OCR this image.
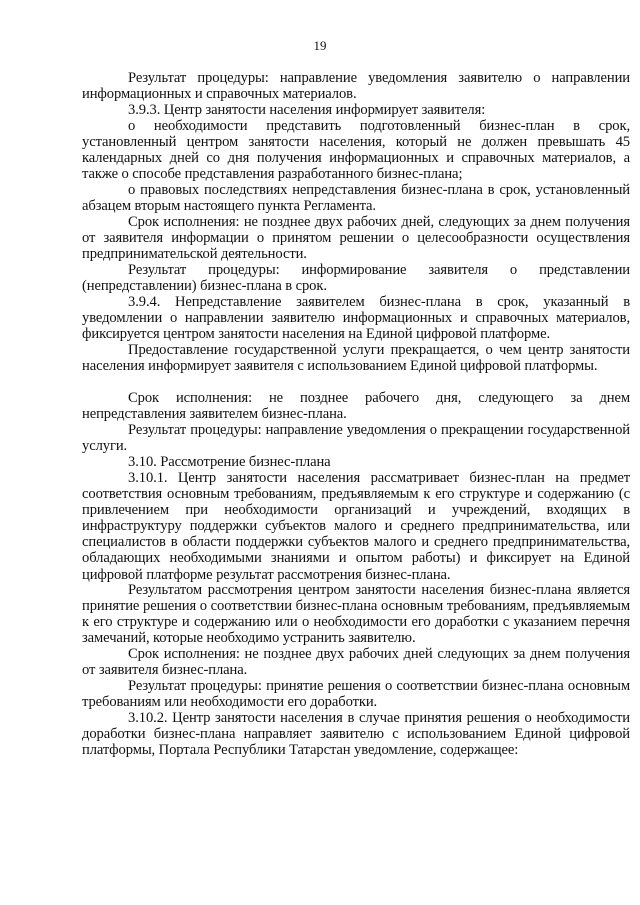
19

Результат процедуры: направление уведомления заявителю о направлении информационных и справочных материалов.

3.9.3. Центр занятости населения информирует заявителя:

о необходимости представить подготовленный бизнес-план в срок, установленный центром занятости населения, который не должен превышать 45 календарных дней со дня получения информационных и справочных материалов, а также о способе представления разработанного бизнес-плана;

о правовых последствиях непредставления бизнес-плана в срок, установленный абзацем вторым настоящего пункта Регламента.

Срок исполнения: не позднее двух рабочих дней, следующих за днем получения от заявителя информации о принятом решении о целесообразности осуществления предпринимательской деятельности.

Результат процедуры: информирование заявителя о представлении (непредставлении) бизнес-плана в срок.

3.9.4. Непредставление заявителем бизнес-плана в срок, указанный в уведомлении о направлении заявителю информационных и справочных материалов, фиксируется центром занятости населения на Единой цифровой платформе.

Предоставление государственной услуги прекращается, о чем центр занятости населения информирует заявителя с использованием Единой цифровой платформы.

Срок исполнения: не позднее рабочего дня, следующего за днем непредставления заявителем бизнес-плана.

Результат процедуры: направление уведомления о прекращении государственной услуги.

3.10. Рассмотрение бизнес-плана

3.10.1. Центр занятости населения рассматривает бизнес-план на предмет соответствия основным требованиям, предъявляемым к его структуре и содержанию (с привлечением при необходимости организаций и учреждений, входящих в инфраструктуру поддержки субъектов малого и среднего предпринимательства, или специалистов в области поддержки субъектов малого и среднего предпринимательства, обладающих необходимыми знаниями и опытом работы) и фиксирует на Единой цифровой платформе результат рассмотрения бизнес-плана.

Результатом рассмотрения центром занятости населения бизнес-плана является принятие решения о соответствии бизнес-плана основным требованиям, предъявляемым к его структуре и содержанию или о необходимости его доработки с указанием перечня замечаний, которые необходимо устранить заявителю.

Срок исполнения: не позднее двух рабочих дней следующих за днем получения от заявителя бизнес-плана.

Результат процедуры: принятие решения о соответствии бизнес-плана основным требованиям или необходимости его доработки.

3.10.2. Центр занятости населения в случае принятия решения о необходимости доработки бизнес-плана направляет заявителю с использованием Единой цифровой платформы, Портала Республики Татарстан уведомление, содержащее:
